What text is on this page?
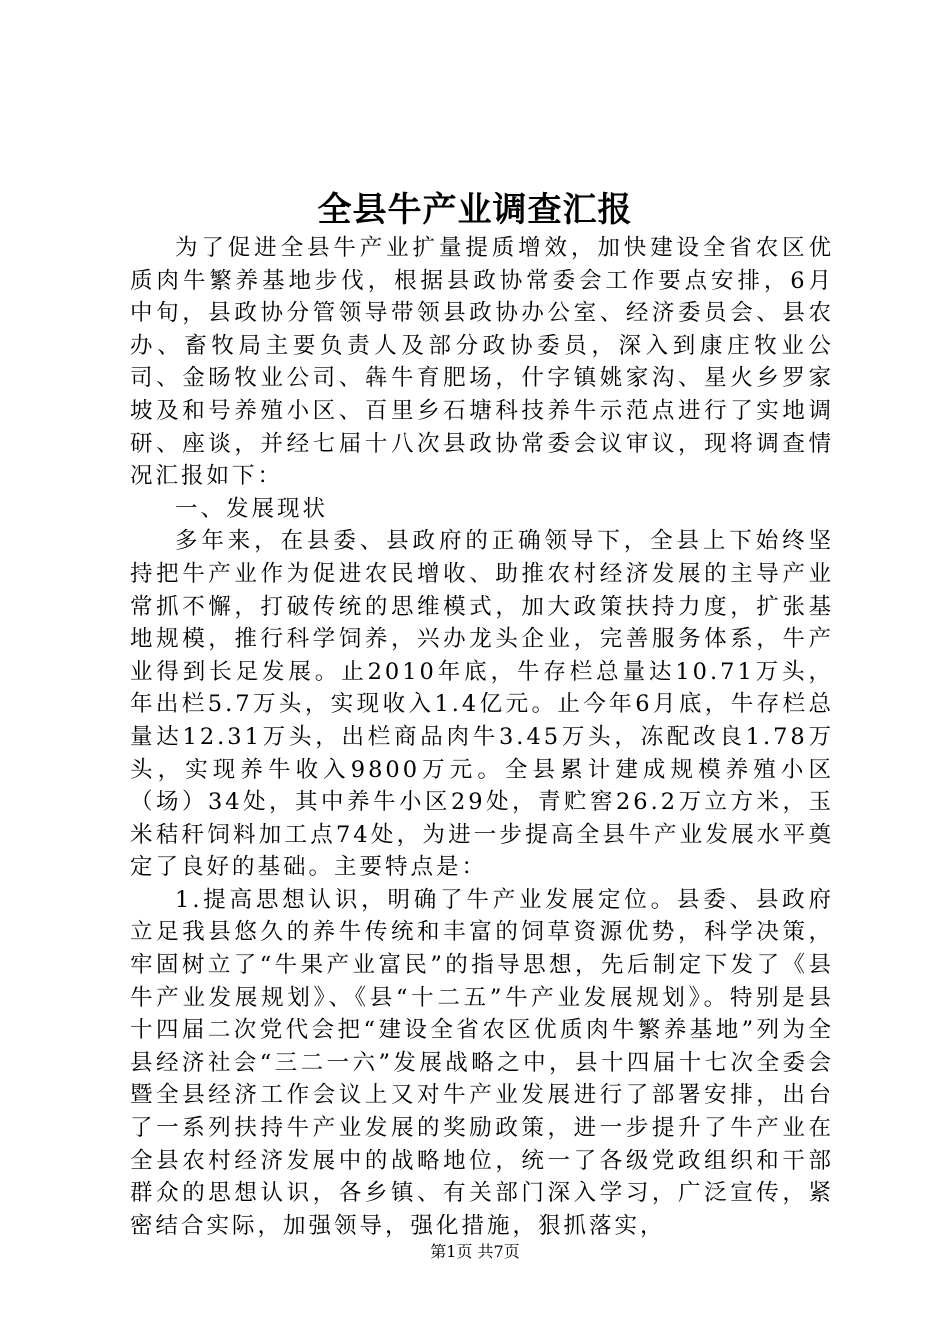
全县牛产业调查汇报

为了促进全县牛产业扩量提质增效，加快建设全省农区优质肉牛繁养基地步伐，根据县政协常委会工作要点安排，6月中旬，县政协分管领导带领县政协办公室、经济委员会、县农办、畜牧局主要负责人及部分政协委员，深入到康庄牧业公司、金旸牧业公司、犇牛育肥场，什字镇姚家沟、星火乡罗家坡及和号养殖小区、百里乡石塘科技养牛示范点进行了实地调研、座谈，并经七届十八次县政协常委会议审议，现将调查情况汇报如下：

一、发展现状

多年来，在县委、县政府的正确领导下，全县上下始终坚持把牛产业作为促进农民增收、助推农村经济发展的主导产业常抓不懈，打破传统的思维模式，加大政策扶持力度，扩张基地规模，推行科学饲养，兴办龙头企业，完善服务体系，牛产业得到长足发展。止2010年底，牛存栏总量达10.71万头，年出栏5.7万头，实现收入1.4亿元。止今年6月底，牛存栏总量达12.31万头，出栏商品肉牛3.45万头，冻配改良1.78万头，实现养牛收入9800万元。全县累计建成规模养殖小区（场）34处，其中养牛小区29处，青贮窖26.2万立方米，玉米秸秆饲料加工点74处，为进一步提高全县牛产业发展水平奠定了良好的基础。主要特点是：

1.提高思想认识，明确了牛产业发展定位。县委、县政府立足我县悠久的养牛传统和丰富的饲草资源优势，科学决策，牢固树立了“牛果产业富民”的指导思想，先后制定下发了《县牛产业发展规划》、《县“十二五”牛产业发展规划》。特别是县十四届二次党代会把“建设全省农区优质肉牛繁养基地”列为全县经济社会“三二一六”发展战略之中，县十四届十七次全委会暨全县经济工作会议上又对牛产业发展进行了部署安排，出台了一系列扶持牛产业发展的奖励政策，进一步提升了牛产业在全县农村经济发展中的战略地位，统一了各级党政组织和干部群众的思想认识，各乡镇、有关部门深入学习，广泛宣传，紧密结合实际，加强领导，强化措施，狠抓落实，

第1页 共7页
